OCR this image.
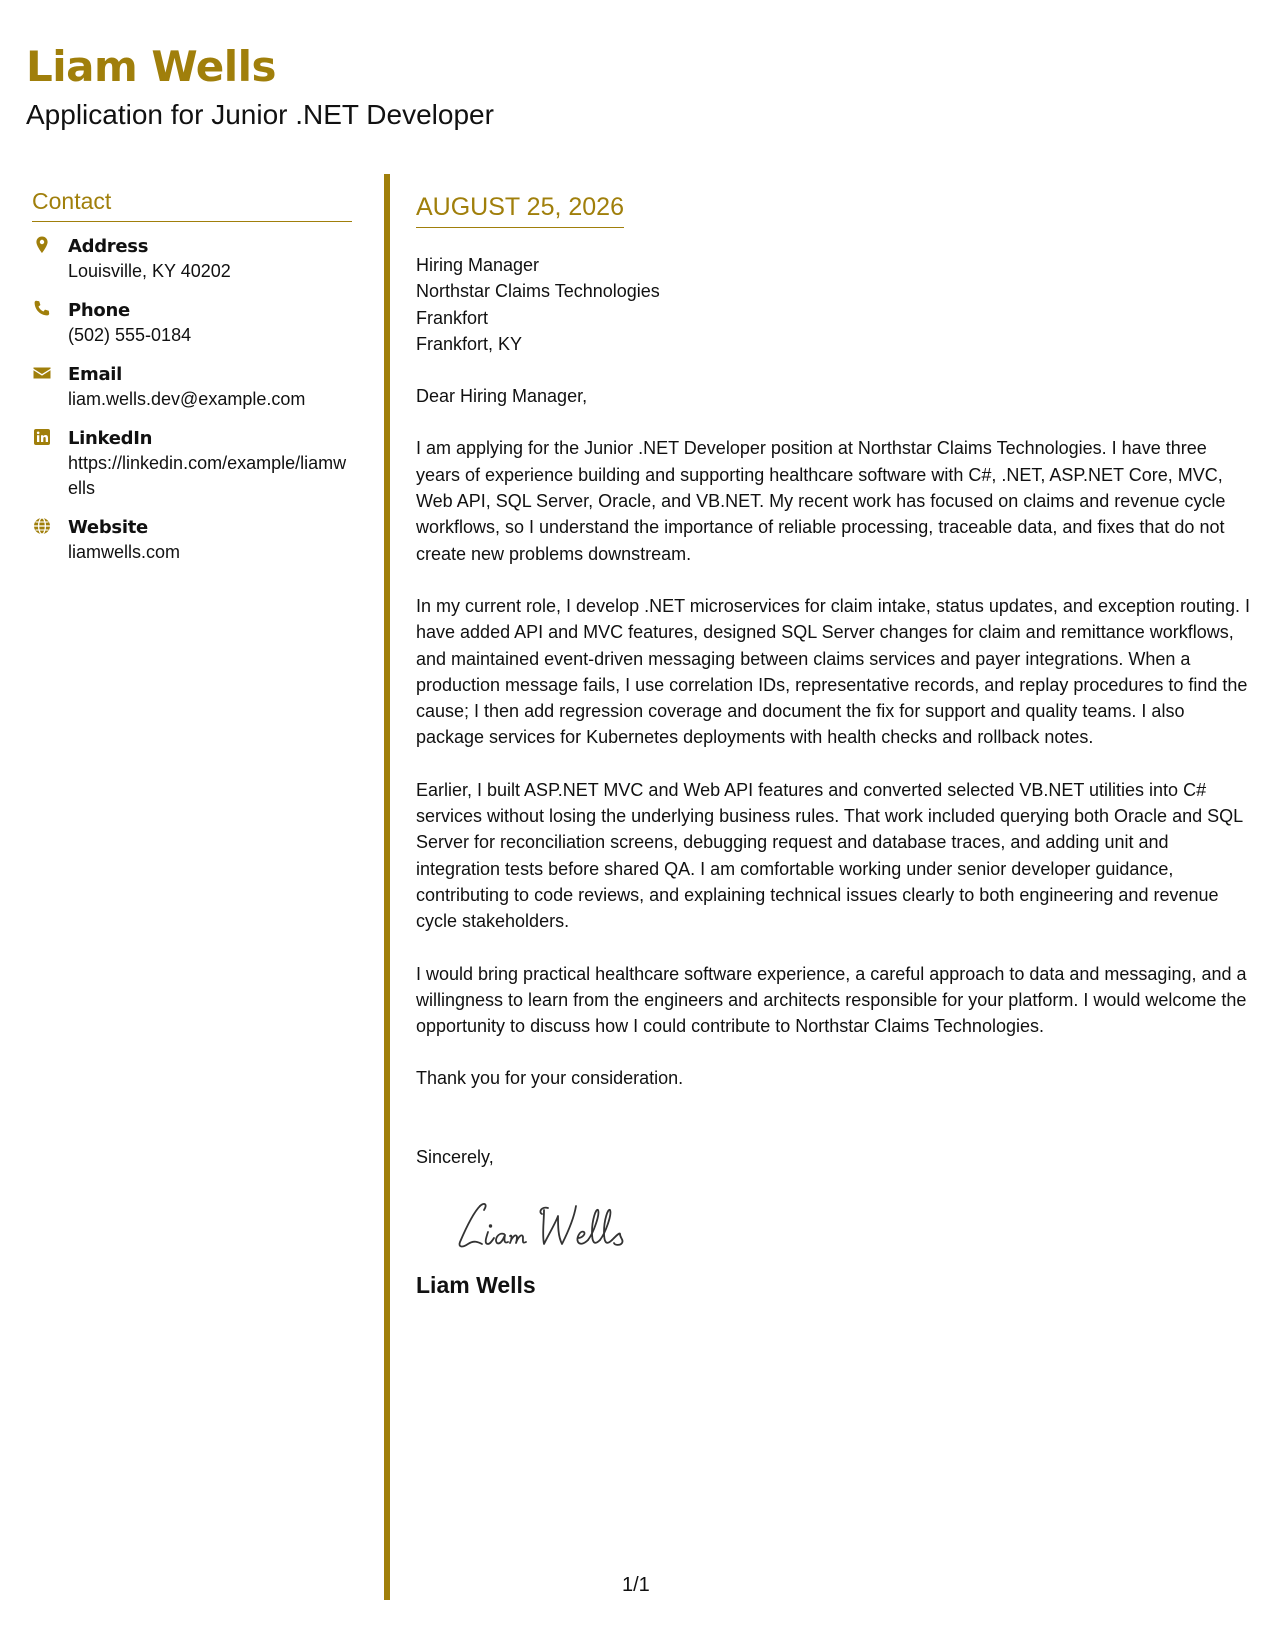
Liam Wells
Application for Junior .NET Developer
Contact
Address
Louisville, KY 40202
Phone
(502) 555-0184
Email
liam.wells.dev@example.com
LinkedIn
https://linkedin.com/example/liamwells
Website
liamwells.com
AUGUST 25, 2026
Hiring Manager
Northstar Claims Technologies
Frankfort
Frankfort, KY

Dear Hiring Manager,

I am applying for the Junior .NET Developer position at Northstar Claims Technologies. I have three years of experience building and supporting healthcare software with C#, .NET, ASP.NET Core, MVC, Web API, SQL Server, Oracle, and VB.NET. My recent work has focused on claims and revenue cycle workflows, so I understand the importance of reliable processing, traceable data, and fixes that do not create new problems downstream.

In my current role, I develop .NET microservices for claim intake, status updates, and exception routing. I have added API and MVC features, designed SQL Server changes for claim and remittance workflows, and maintained event-driven messaging between claims services and payer integrations. When a production message fails, I use correlation IDs, representative records, and replay procedures to find the cause; I then add regression coverage and document the fix for support and quality teams. I also package services for Kubernetes deployments with health checks and rollback notes.

Earlier, I built ASP.NET MVC and Web API features and converted selected VB.NET utilities into C# services without losing the underlying business rules. That work included querying both Oracle and SQL Server for reconciliation screens, debugging request and database traces, and adding unit and integration tests before shared QA. I am comfortable working under senior developer guidance, contributing to code reviews, and explaining technical issues clearly to both engineering and revenue cycle stakeholders.

I would bring practical healthcare software experience, a careful approach to data and messaging, and a willingness to learn from the engineers and architects responsible for your platform. I would welcome the opportunity to discuss how I could contribute to Northstar Claims Technologies.

Thank you for your consideration.

Sincerely,

Liam Wells
1/1
